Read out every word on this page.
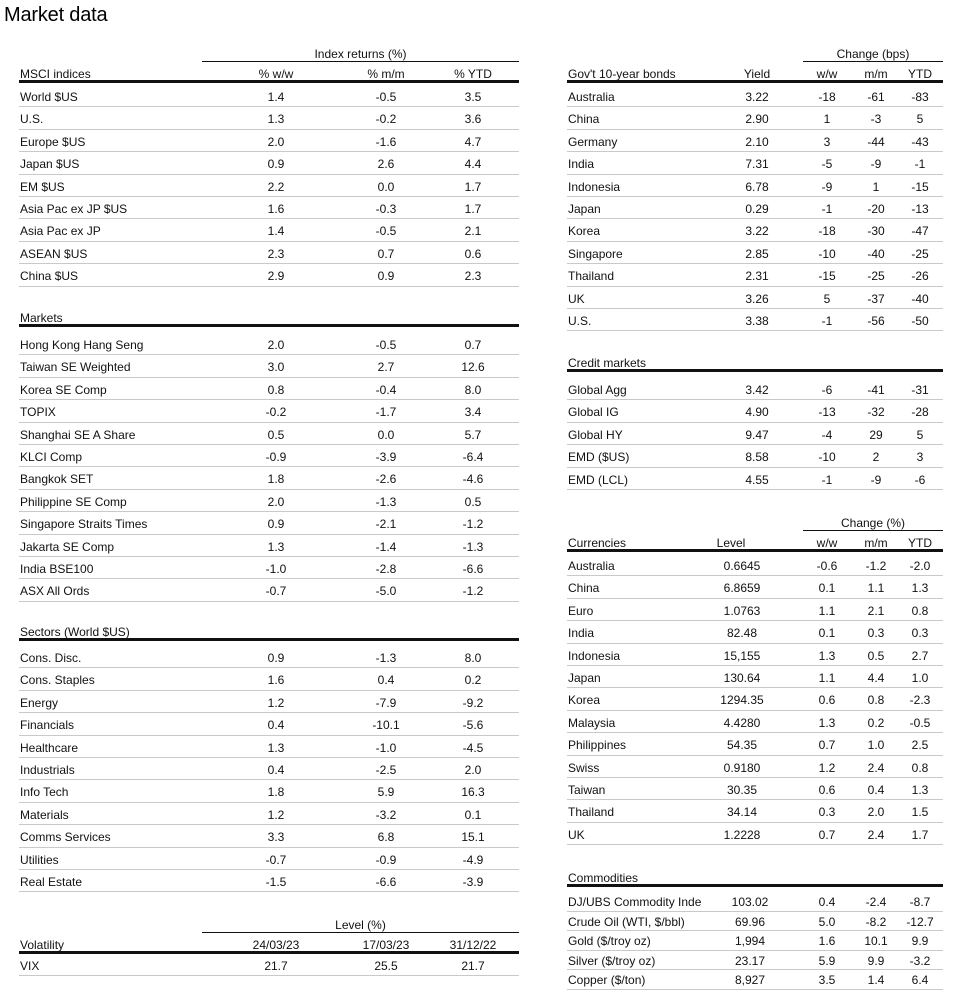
Market data
Index returns (%)
MSCI indices	% w/w	% m/m	% YTD
World $US	1.4	-0.5	3.5
U.S.	1.3	-0.2	3.6
Europe $US	2.0	-1.6	4.7
Japan $US	0.9	2.6	4.4
EM $US	2.2	0.0	1.7
Asia Pac ex JP $US	1.6	-0.3	1.7
Asia Pac ex JP	1.4	-0.5	2.1
ASEAN $US	2.3	0.7	0.6
China $US	2.9	0.9	2.3
Markets
Hong Kong Hang Seng	2.0	-0.5	0.7
Taiwan SE Weighted	3.0	2.7	12.6
Korea SE Comp	0.8	-0.4	8.0
TOPIX	-0.2	-1.7	3.4
Shanghai SE A Share	0.5	0.0	5.7
KLCI Comp	-0.9	-3.9	-6.4
Bangkok SET	1.8	-2.6	-4.6
Philippine SE Comp	2.0	-1.3	0.5
Singapore Straits Times	0.9	-2.1	-1.2
Jakarta SE Comp	1.3	-1.4	-1.3
India BSE100	-1.0	-2.8	-6.6
ASX All Ords	-0.7	-5.0	-1.2
Sectors (World $US)
Cons. Disc.	0.9	-1.3	8.0
Cons. Staples	1.6	0.4	0.2
Energy	1.2	-7.9	-9.2
Financials	0.4	-10.1	-5.6
Healthcare	1.3	-1.0	-4.5
Industrials	0.4	-2.5	2.0
Info Tech	1.8	5.9	16.3
Materials	1.2	-3.2	0.1
Comms Services	3.3	6.8	15.1
Utilities	-0.7	-0.9	-4.9
Real Estate	-1.5	-6.6	-3.9
Level (%)
Volatility	24/03/23	17/03/23	31/12/22
VIX	21.7	25.5	21.7
Change (bps)
Gov't 10-year bonds	Yield	w/w	m/m	YTD
Australia	3.22	-18	-61	-83
China	2.90	1	-3	5
Germany	2.10	3	-44	-43
India	7.31	-5	-9	-1
Indonesia	6.78	-9	1	-15
Japan	0.29	-1	-20	-13
Korea	3.22	-18	-30	-47
Singapore	2.85	-10	-40	-25
Thailand	2.31	-15	-25	-26
UK	3.26	5	-37	-40
U.S.	3.38	-1	-56	-50
Credit markets
Global Agg	3.42	-6	-41	-31
Global IG	4.90	-13	-32	-28
Global HY	9.47	-4	29	5
EMD ($US)	8.58	-10	2	3
EMD (LCL)	4.55	-1	-9	-6
Change (%)
Currencies	Level	w/w	m/m	YTD
Australia	0.6645	-0.6	-1.2	-2.0
China	6.8659	0.1	1.1	1.3
Euro	1.0763	1.1	2.1	0.8
India	82.48	0.1	0.3	0.3
Indonesia	15,155	1.3	0.5	2.7
Japan	130.64	1.1	4.4	1.0
Korea	1294.35	0.6	0.8	-2.3
Malaysia	4.4280	1.3	0.2	-0.5
Philippines	54.35	0.7	1.0	2.5
Swiss	0.9180	1.2	2.4	0.8
Taiwan	30.35	0.6	0.4	1.3
Thailand	34.14	0.3	2.0	1.5
UK	1.2228	0.7	2.4	1.7
Commodities
DJ/UBS Commodity Inde	103.02	0.4	-2.4	-8.7
Crude Oil (WTI, $/bbl)	69.96	5.0	-8.2	-12.7
Gold ($/troy oz)	1,994	1.6	10.1	9.9
Silver ($/troy oz)	23.17	5.9	9.9	-3.2
Copper ($/ton)	8,927	3.5	1.4	6.4
